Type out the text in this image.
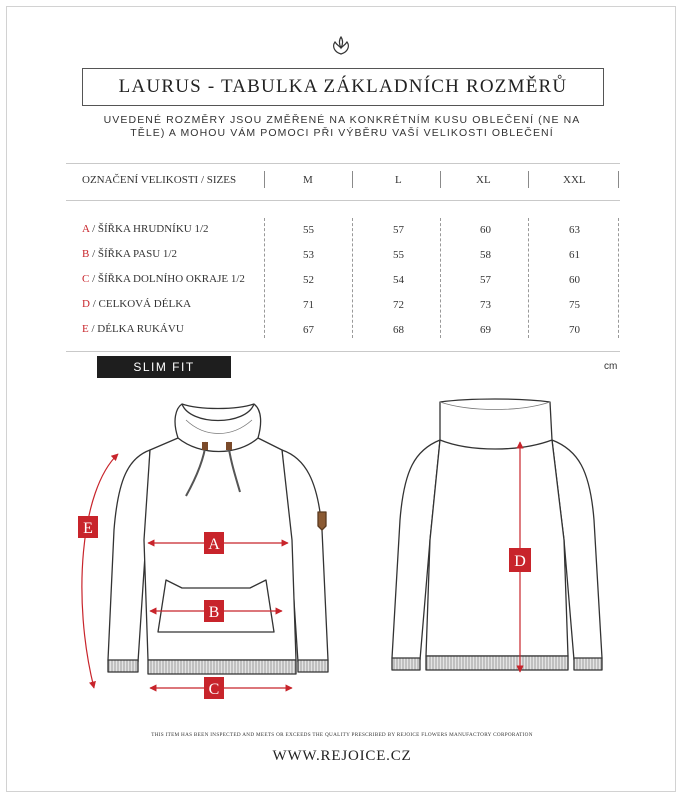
LAURUS - TABULKA ZÁKLADNÍCH ROZMĚRŮ
UVEDENÉ ROZMĚRY JSOU ZMĚŘENÉ NA KONKRÉTNÍM KUSU OBLEČENÍ (NE NA TĚLE) A MOHOU VÁM POMOCI PŘI VÝBĚRU VAŠÍ VELIKOSTI OBLEČENÍ
OZNAČENÍ VELIKOSTI / SIZES	M	L	XL	XXL
A / ŠÍŘKA HRUDNÍKU 1/2	55	57	60	63
B / ŠÍŘKA PASU 1/2	53	55	58	61
C / ŠÍŘKA DOLNÍHO OKRAJE 1/2	52	54	57	60
D / CELKOVÁ DÉLKA	71	72	73	75
E / DÉLKA RUKÁVU	67	68	69	70
SLIM FIT	cm
A
B
C
D
E
THIS ITEM HAS BEEN INSPECTED AND MEETS OR EXCEEDS THE QUALITY PRESCRIBED BY REJOICE FLOWERS MANUFACTORY CORPORATION
WWW.REJOICE.CZ
